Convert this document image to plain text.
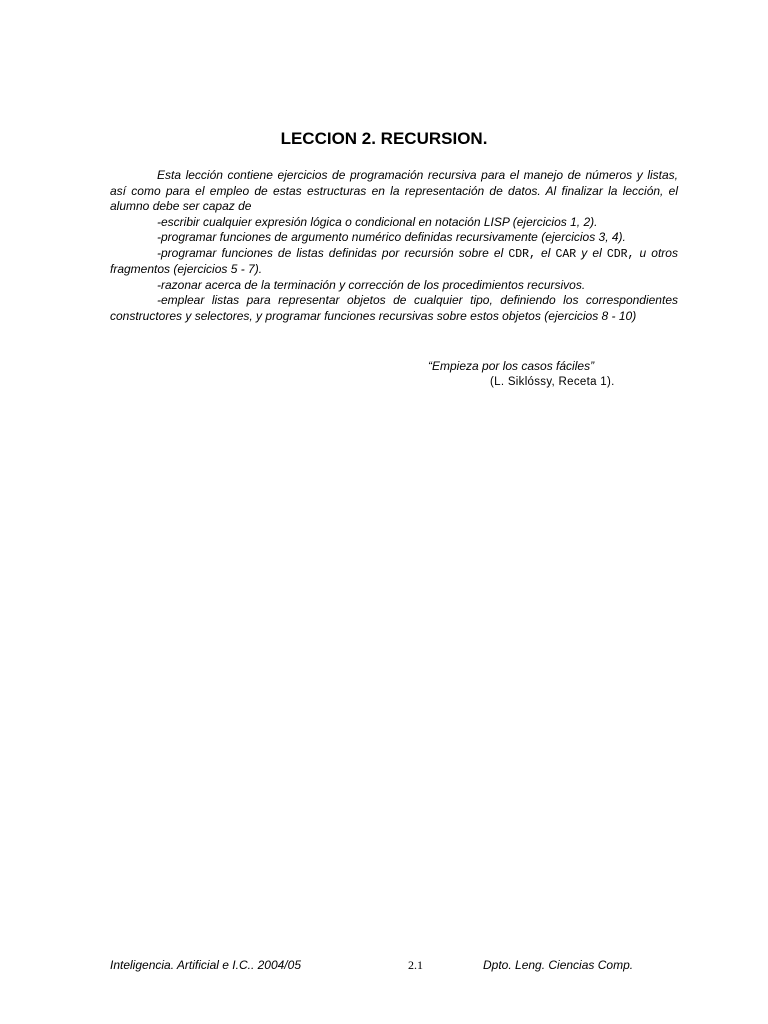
LECCION 2. RECURSION.

Esta lección contiene ejercicios de programación recursiva para el manejo de números y listas, así como para el empleo de estas estructuras en la representación de datos. Al finalizar la lección, el alumno debe ser capaz de

-escribir cualquier expresión lógica o condicional en notación LISP (ejercicios 1, 2).

-programar funciones de argumento numérico definidas recursivamente (ejercicios 3, 4).

-programar funciones de listas definidas por recursión sobre el CDR, el CAR y el CDR, u otros fragmentos (ejercicios 5 - 7).

-razonar acerca de la terminación y corrección de los procedimientos recursivos.

-emplear listas para representar objetos de cualquier tipo, definiendo los correspondientes constructores y selectores, y programar funciones recursivas sobre estos objetos (ejercicios 8 - 10)

“Empieza por los casos fáciles”
(L. Siklóssy, Receta 1).
Inteligencia. Artificial e I.C.. 2004/05	2.1	Dpto. Leng. Ciencias Comp.
